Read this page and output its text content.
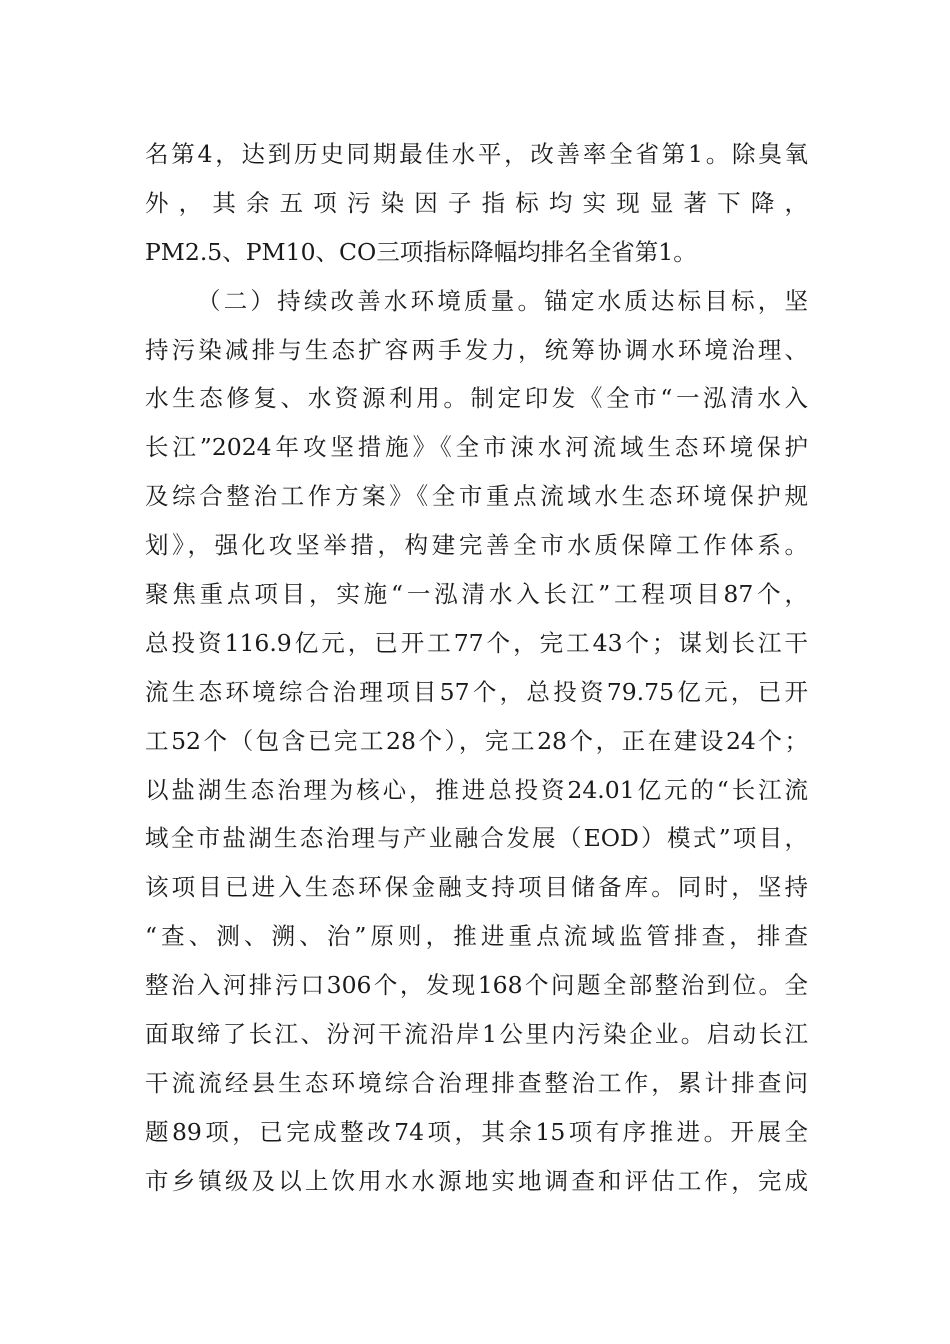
名第4，达到历史同期最佳水平，改善率全省第1。除臭氧
外，其余五项污染因子指标均实现显著下降，
PM2.5、PM10、CO三项指标降幅均排名全省第1。
（二）持续改善水环境质量。锚定水质达标目标，坚
持污染减排与生态扩容两手发力，统筹协调水环境治理、
水生态修复、水资源利用。制定印发《全市“一泓清水入
长江”2024年攻坚措施》《全市涑水河流域生态环境保护
及综合整治工作方案》《全市重点流域水生态环境保护规
划》，强化攻坚举措，构建完善全市水质保障工作体系。
聚焦重点项目，实施“一泓清水入长江”工程项目87个，
总投资116.9亿元，已开工77个，完工43个；谋划长江干
流生态环境综合治理项目57个，总投资79.75亿元，已开
工52个（包含已完工28个），完工28个，正在建设24个；
以盐湖生态治理为核心，推进总投资24.01亿元的“长江流
域全市盐湖生态治理与产业融合发展（EOD）模式”项目，
该项目已进入生态环保金融支持项目储备库。同时，坚持
“查、测、溯、治”原则，推进重点流域监管排查，排查
整治入河排污口306个，发现168个问题全部整治到位。全
面取缔了长江、汾河干流沿岸1公里内污染企业。启动长江
干流流经县生态环境综合治理排查整治工作，累计排查问
题89项，已完成整改74项，其余15项有序推进。开展全
市乡镇级及以上饮用水水源地实地调查和评估工作，完成
